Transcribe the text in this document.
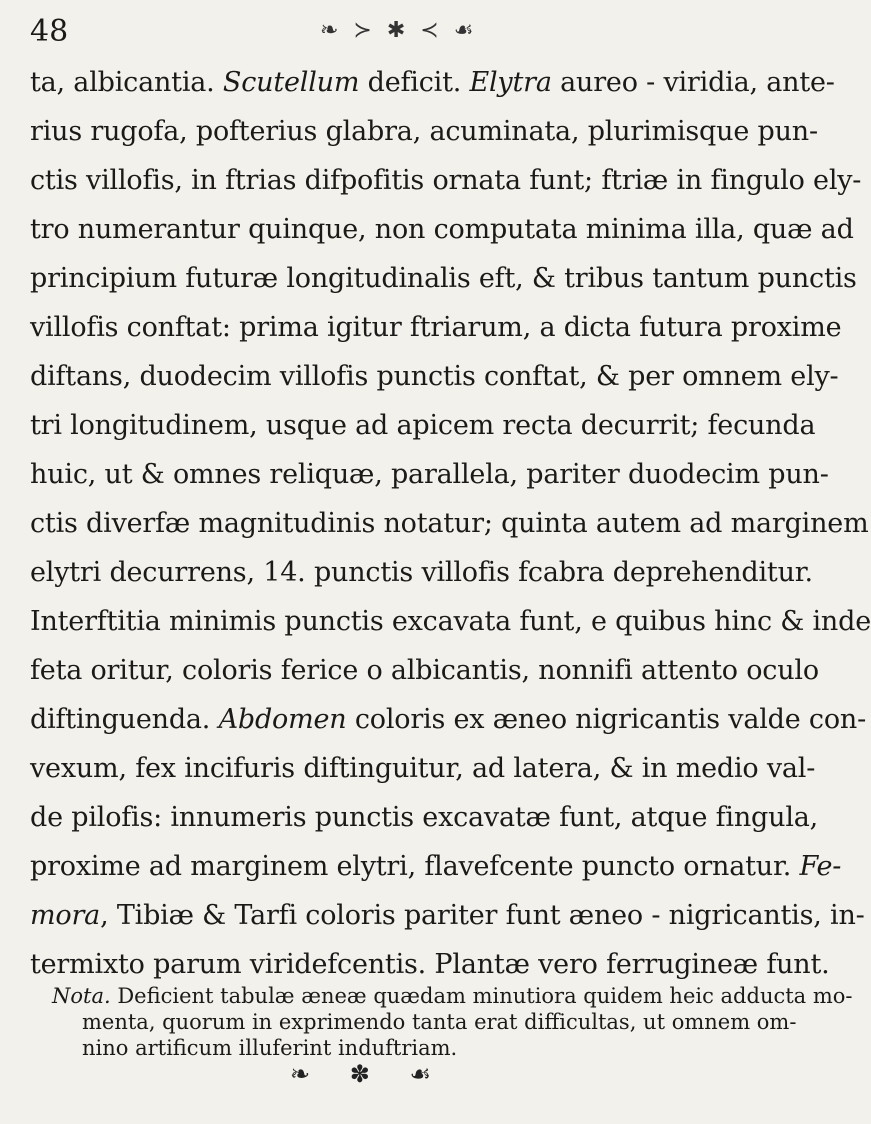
48	❧ ≻ ✱ ≺ ☙
ta, albicantia. Scutellum deficit. Elytra aureo - viridia, ante-
rius rugofa, pofterius glabra, acuminata, plurimisque pun-
ctis villofis, in ftrias difpofitis ornata funt; ftriæ in fingulo ely-
tro numerantur quinque, non computata minima illa, quæ ad
principium futuræ longitudinalis eft, & tribus tantum punctis
villofis conftat: prima igitur ftriarum, a dicta futura proxime
diftans, duodecim villofis punctis conftat, & per omnem ely-
tri longitudinem, usque ad apicem recta decurrit; fecunda
huic, ut & omnes reliquæ, parallela, pariter duodecim pun-
ctis diverfæ magnitudinis notatur; quinta autem ad marginem
elytri decurrens, 14. punctis villofis fcabra deprehenditur.
Interftitia minimis punctis excavata funt, e quibus hinc & inde
feta oritur, coloris ferice o albicantis, nonnifi attento oculo
diftinguenda. Abdomen coloris ex æneo nigricantis valde con-
vexum, fex incifuris diftinguitur, ad latera, & in medio val-
de pilofis: innumeris punctis excavatæ funt, atque fingula,
proxime ad marginem elytri, flavefcente puncto ornatur. Fe-
mora, Tibiæ & Tarfi coloris pariter funt æneo - nigricantis, in-
termixto parum viridefcentis. Plantæ vero ferrugineæ funt.
Nota. Deficient tabulæ æneæ quædam minutiora quidem heic adducta mo-
menta, quorum in exprimendo tanta erat difficultas, ut omnem om-
nino artificum illuferint induftriam.
❧ ✽ ☙
